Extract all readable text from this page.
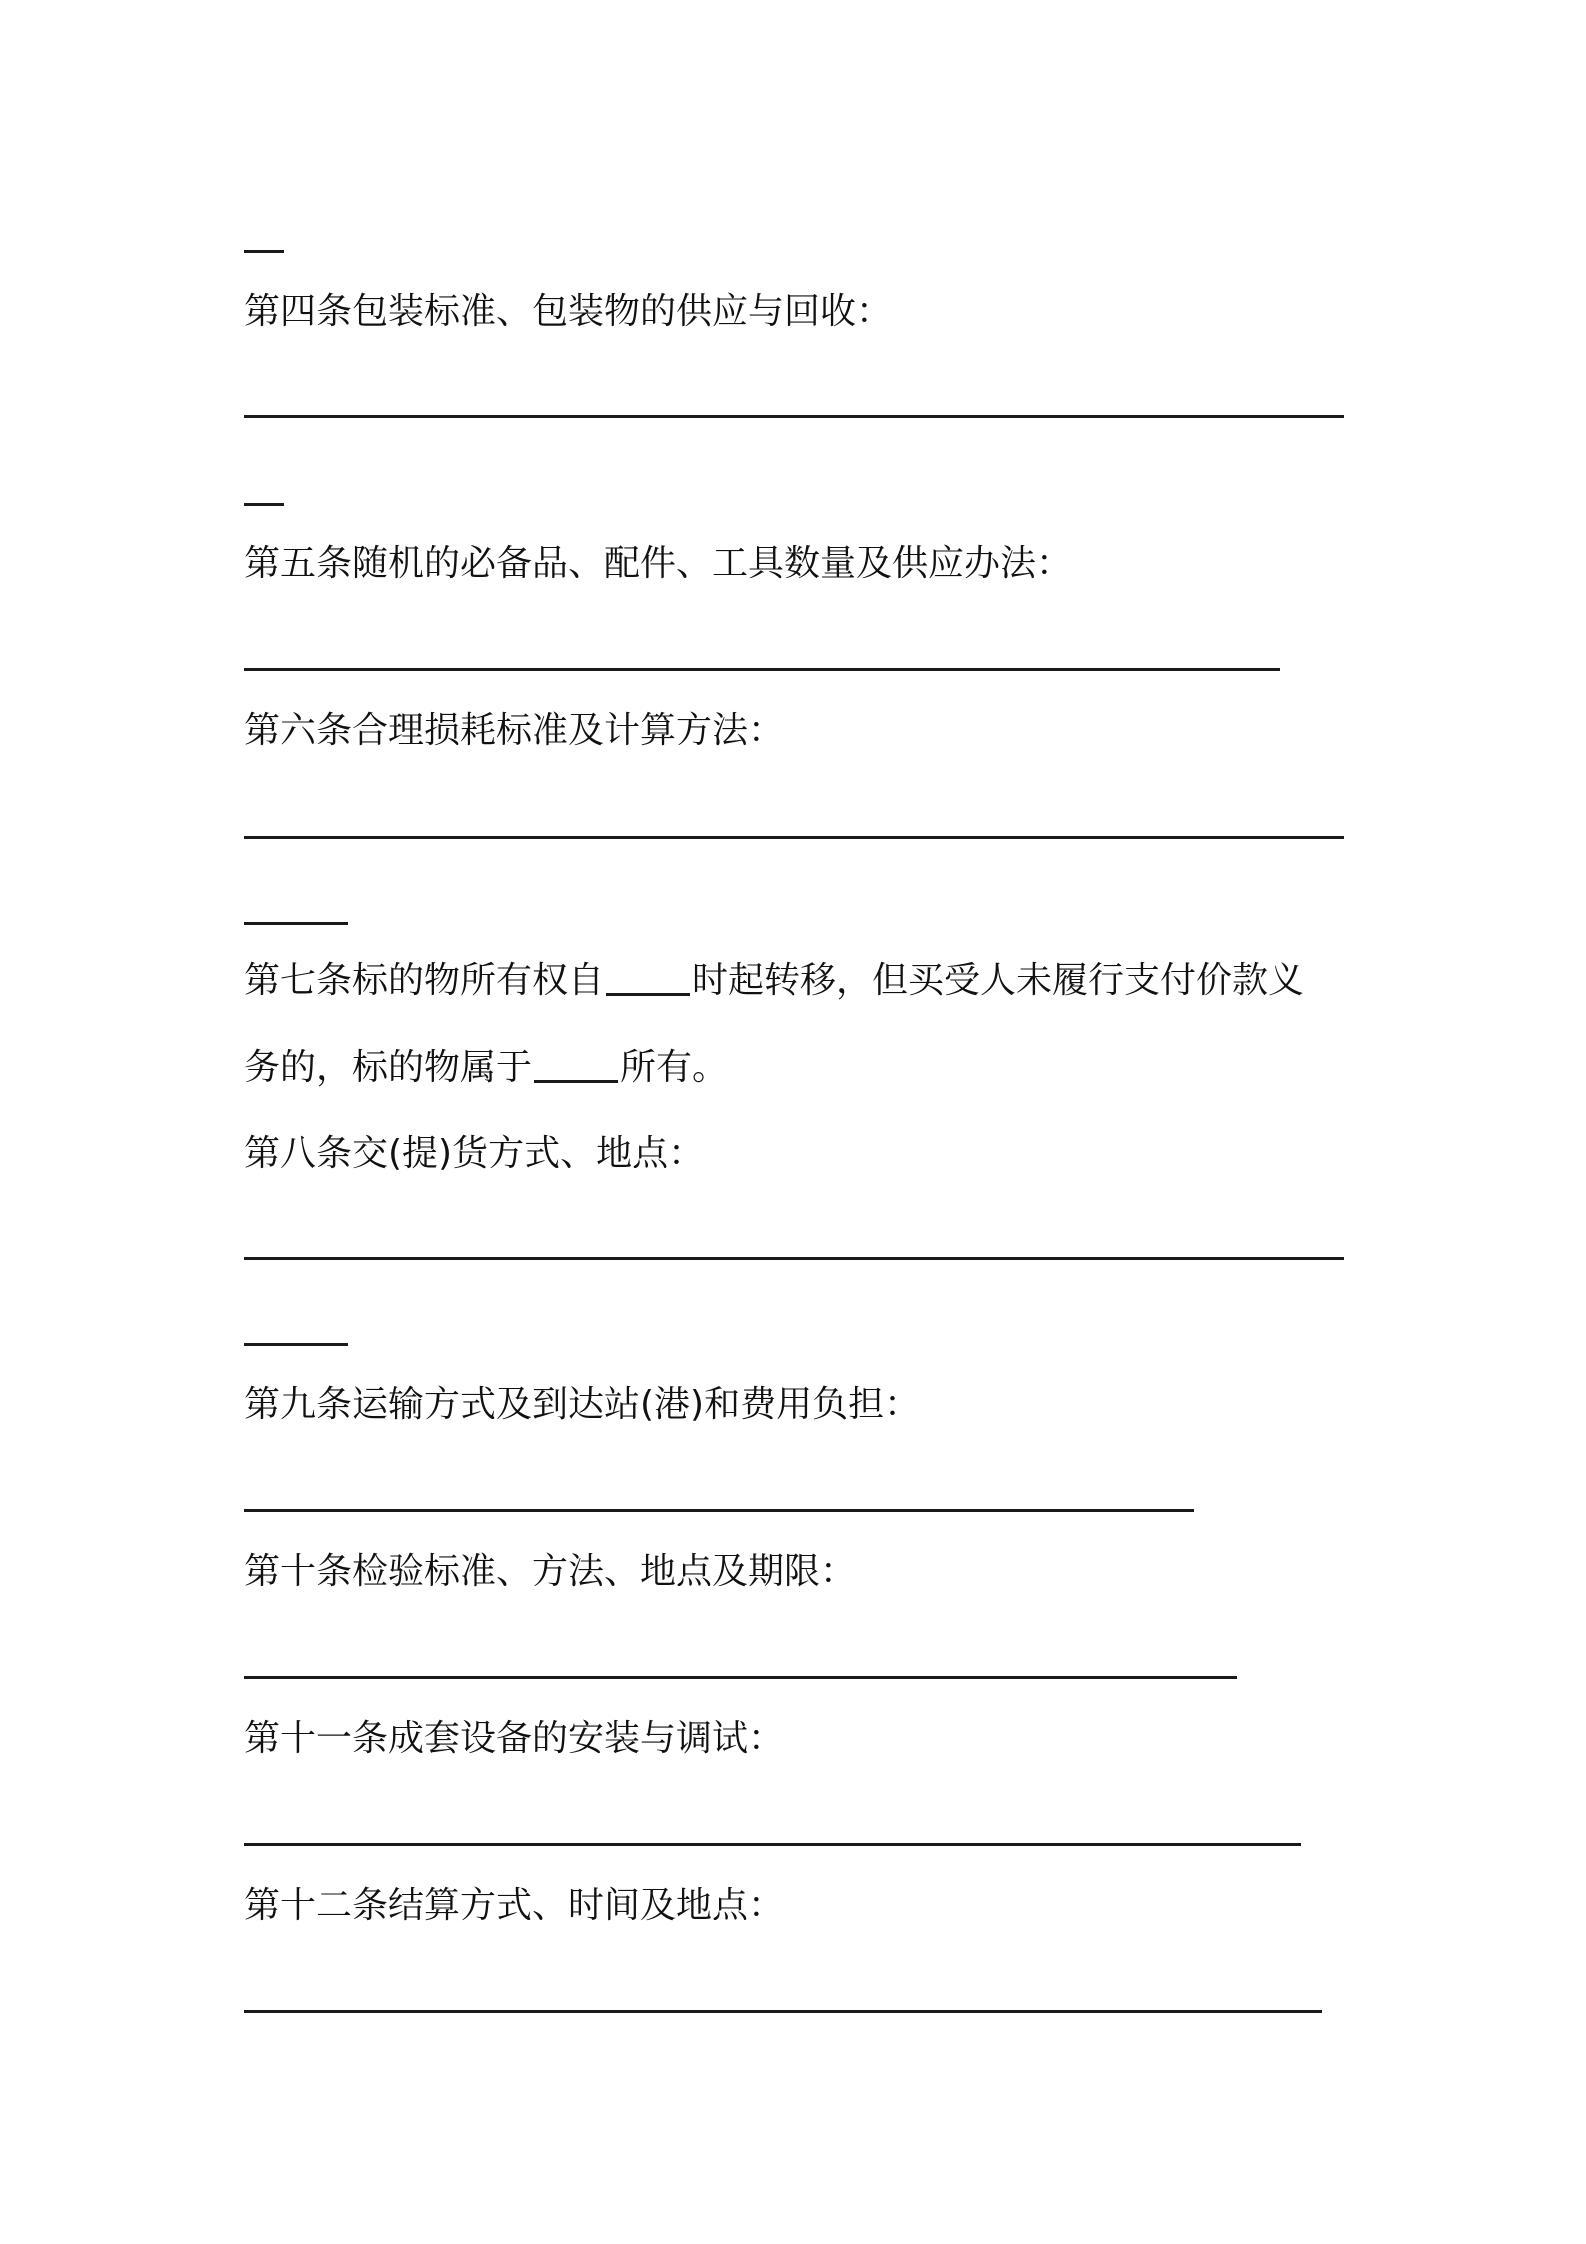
第四条包装标准、包装物的供应与回收：
第五条随机的必备品、配件、工具数量及供应办法：
第六条合理损耗标准及计算方法：
第七条标的物所有权自 时起转移，但买受人未履行支付价款义
务的，标的物属于 所有。
第八条交(提)货方式、地点：
第九条运输方式及到达站(港)和费用负担：
第十条检验标准、方法、地点及期限：
第十一条成套设备的安装与调试：
第十二条结算方式、时间及地点：
